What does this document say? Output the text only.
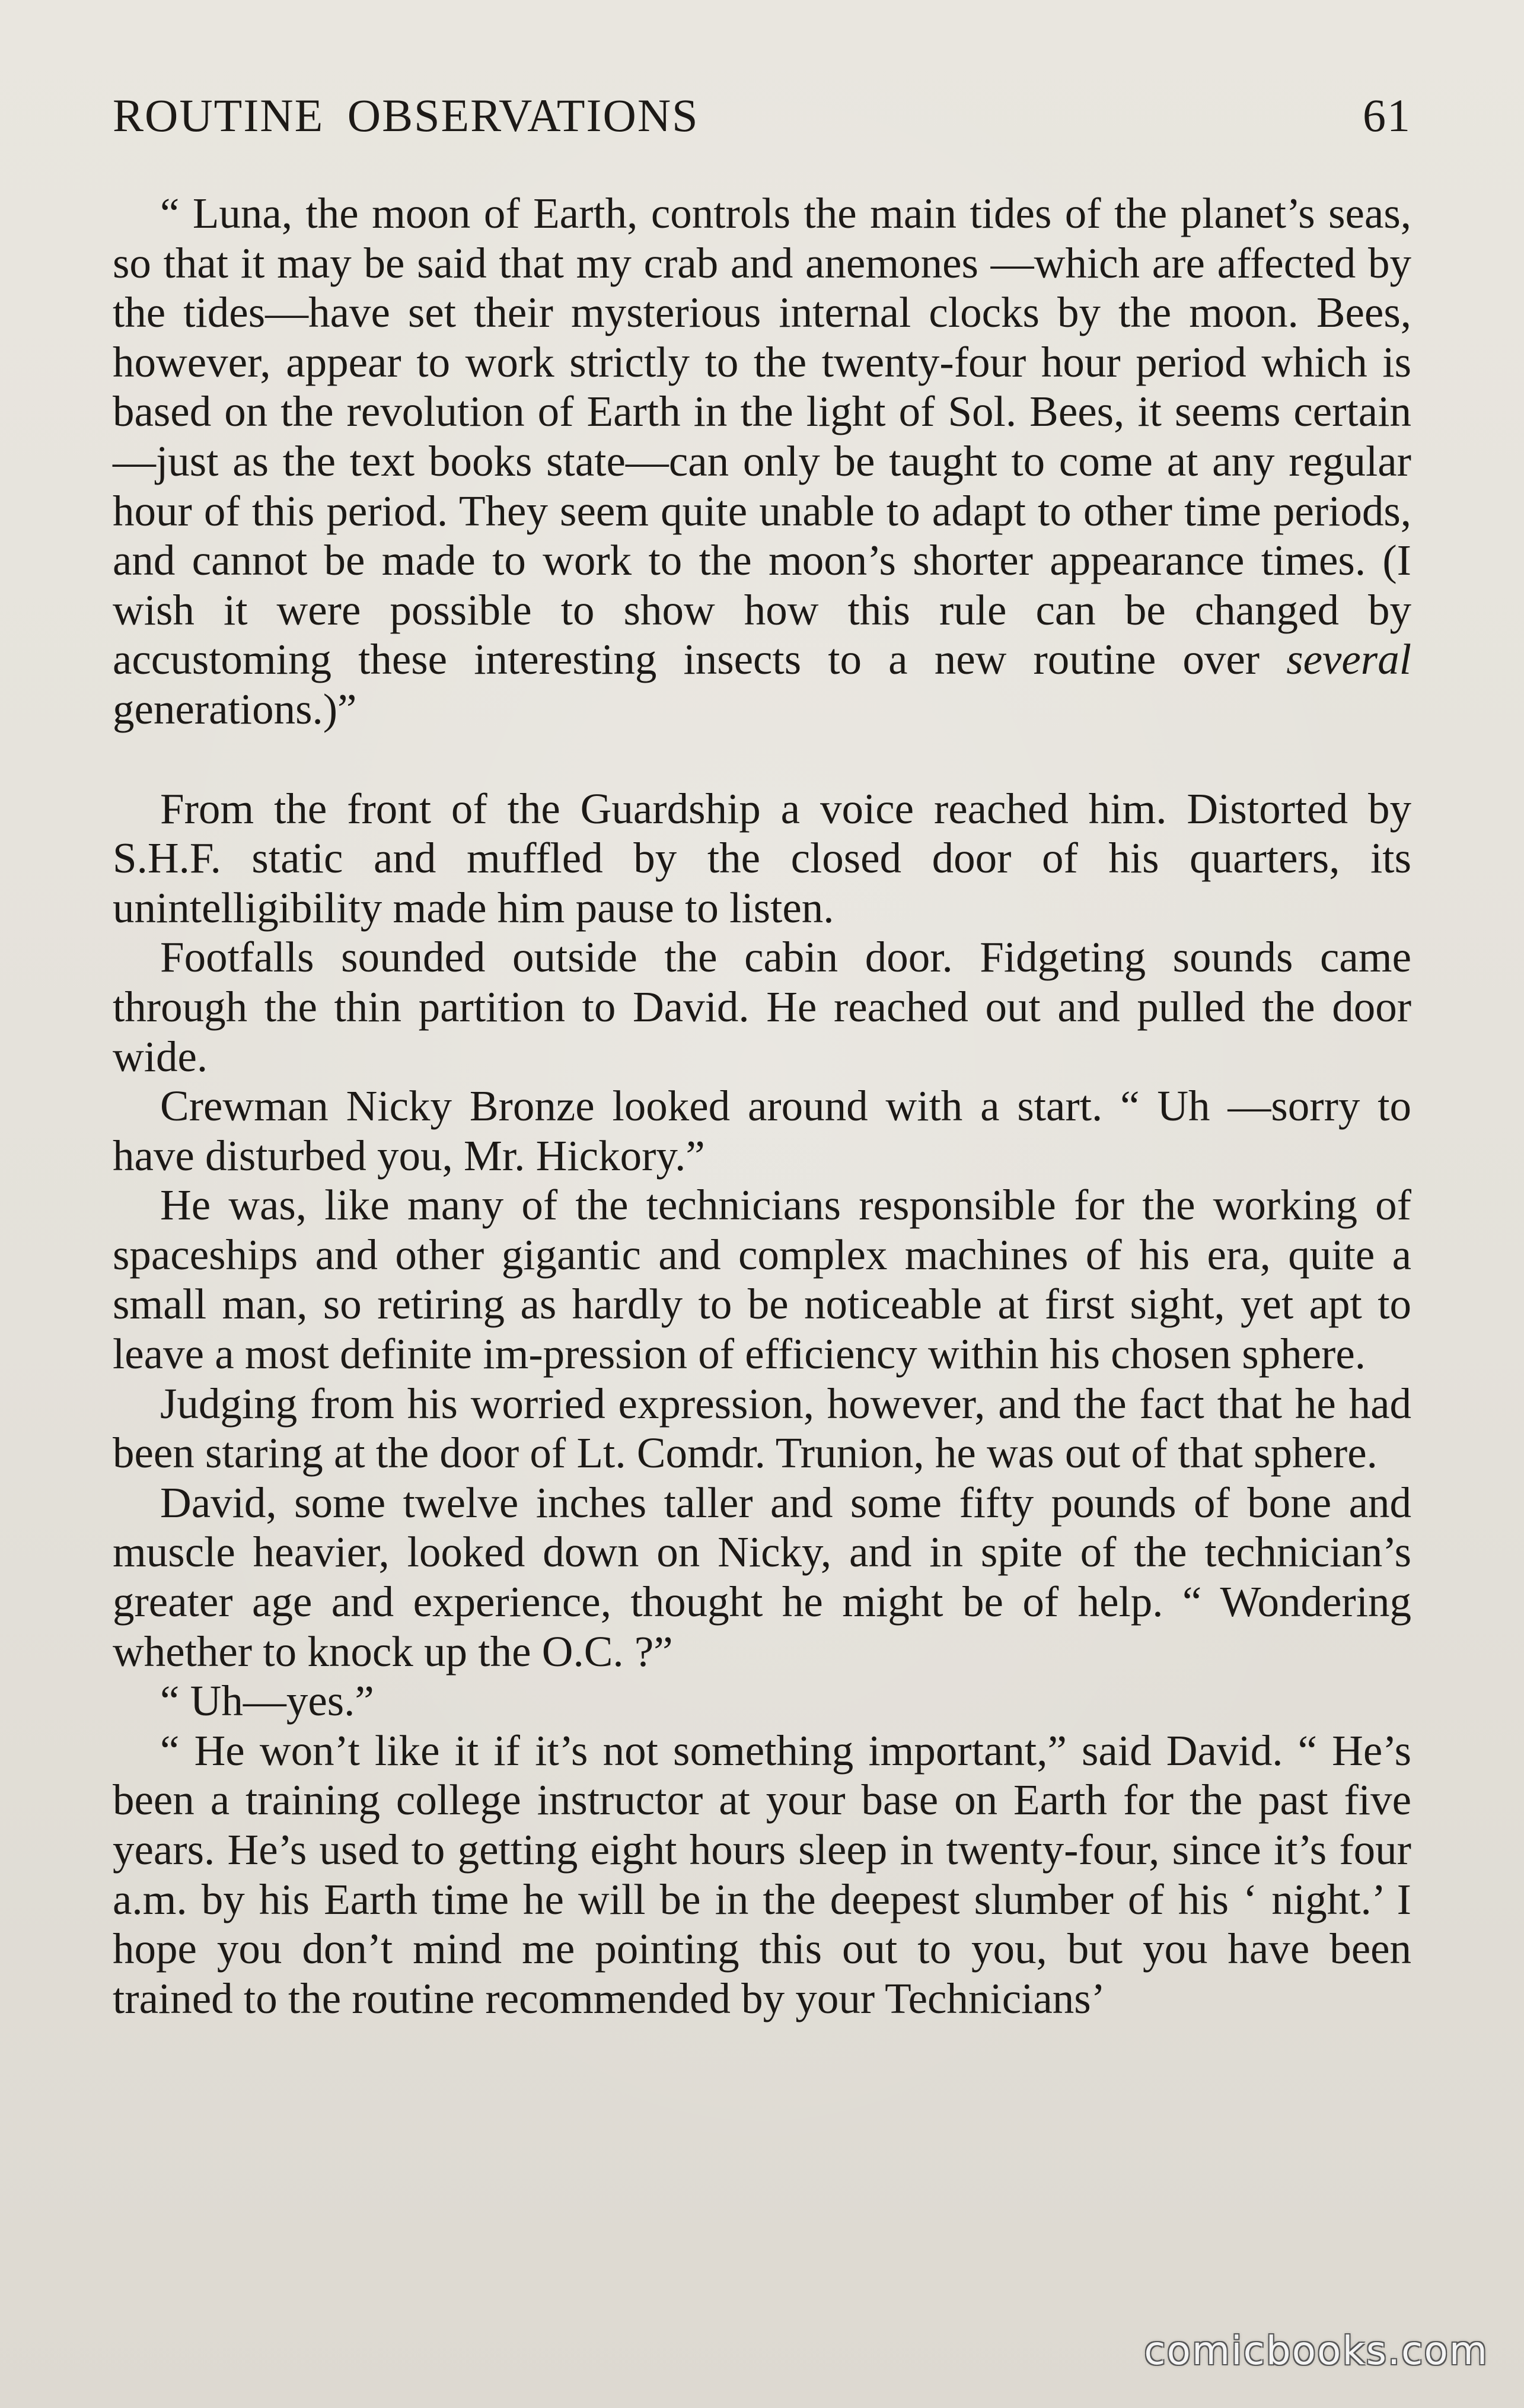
ROUTINE OBSERVATIONS	61

“ Luna, the moon of Earth, controls the main tides of the planet’s seas, so that it may be said that my crab and anemones —which are affected by the tides—have set their mysterious internal clocks by the moon. Bees, however, appear to work strictly to the twenty-four hour period which is based on the revolution of Earth in the light of Sol. Bees, it seems certain —just as the text books state—can only be taught to come at any regular hour of this period. They seem quite unable to adapt to other time periods, and cannot be made to work to the moon’s shorter appearance times. (I wish it were possible to show how this rule can be changed by accustoming these interesting insects to a new routine over several generations.)”

From the front of the Guardship a voice reached him. Distorted by S.H.F. static and muffled by the closed door of his quarters, its unintelligibility made him pause to listen.

Footfalls sounded outside the cabin door. Fidgeting sounds came through the thin partition to David. He reached out and pulled the door wide.

Crewman Nicky Bronze looked around with a start. “ Uh —sorry to have disturbed you, Mr. Hickory.”

He was, like many of the technicians responsible for the working of spaceships and other gigantic and complex machines of his era, quite a small man, so retiring as hardly to be noticeable at first sight, yet apt to leave a most definite im-pression of efficiency within his chosen sphere.

Judging from his worried expression, however, and the fact that he had been staring at the door of Lt. Comdr. Trunion, he was out of that sphere.

David, some twelve inches taller and some fifty pounds of bone and muscle heavier, looked down on Nicky, and in spite of the technician’s greater age and experience, thought he might be of help. “ Wondering whether to knock up the O.C. ?”

“ Uh—yes.”

“ He won’t like it if it’s not something important,” said David. “ He’s been a training college instructor at your base on Earth for the past five years. He’s used to getting eight hours sleep in twenty-four, since it’s four a.m. by his Earth time he will be in the deepest slumber of his ‘ night.’ I hope you don’t mind me pointing this out to you, but you have been trained to the routine recommended by your Technicians’

comicbooks.com
